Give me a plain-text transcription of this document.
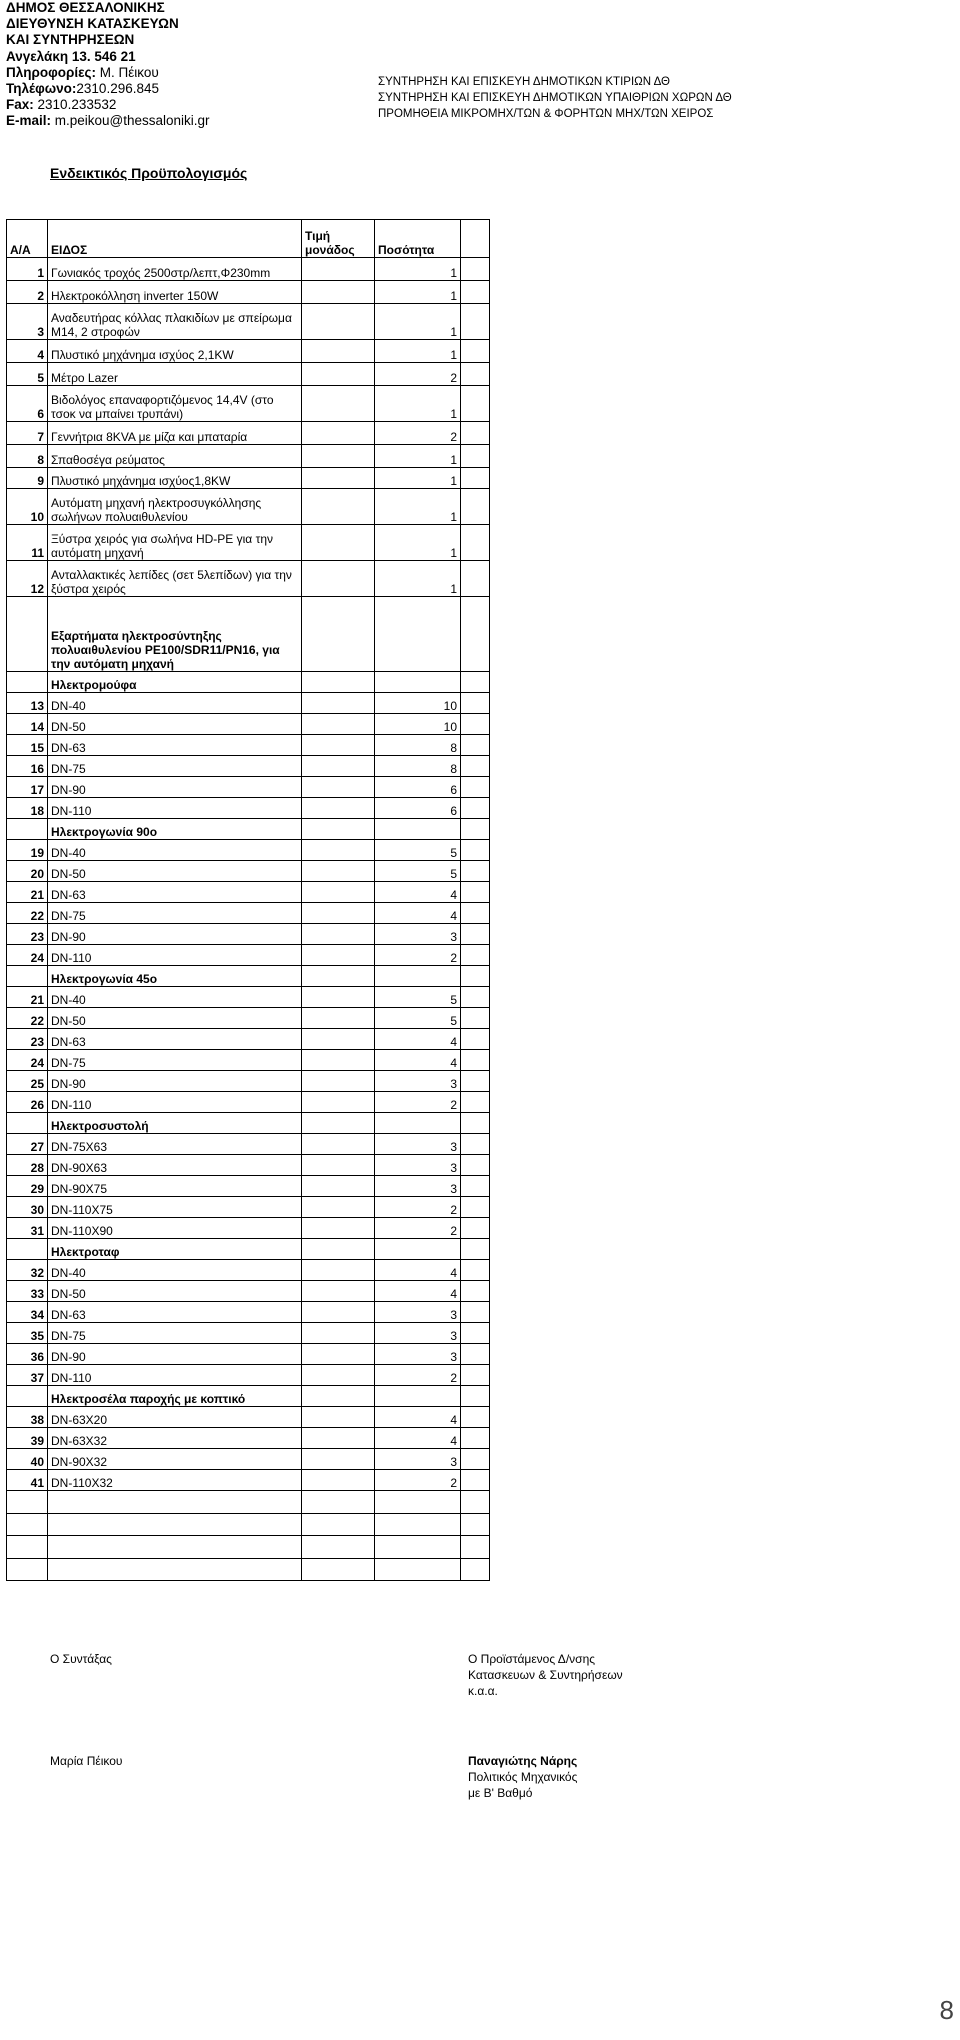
ΔΗΜΟΣ ΘΕΣΣΑΛΟΝΙΚΗΣ
ΔΙΕΥΘΥΝΣΗ ΚΑΤΑΣΚΕΥΩΝ
ΚΑΙ ΣΥΝΤΗΡΗΣΕΩΝ
Ανγελάκη 13. 546 21
Πληροφορίες: Μ. Πέικου
Τηλέφωνο:2310.296.845
Fax: 2310.233532
E-mail: m.peikou@thessaloniki.gr
ΣΥΝΤΗΡΗΣΗ ΚΑΙ ΕΠΙΣΚΕΥΗ ΔΗΜΟΤΙΚΩΝ ΚΤΙΡΙΩΝ ΔΘ
ΣΥΝΤΗΡΗΣΗ ΚΑΙ ΕΠΙΣΚΕΥΗ ΔΗΜΟΤΙΚΩΝ ΥΠΑΙΘΡΙΩΝ ΧΩΡΩΝ ΔΘ
ΠΡΟΜΗΘΕΙΑ ΜΙΚΡΟΜΗΧ/ΤΩΝ & ΦΟΡΗΤΩΝ ΜΗΧ/ΤΩΝ ΧΕΙΡΟΣ
Ενδεικτικός Προϋπολογισμός
Α/Α	ΕΙΔΟΣ	Τιμή μονάδος	Ποσότητα	
1	Γωνιακός τροχός 2500στρ/λεπτ,Φ230mm		1	
2	Ηλεκτροκόλληση inverter 150W		1	
3	Αναδευτήρας κόλλας πλακιδίων με σπείρωμα Μ14, 2 στροφών		1	
4	Πλυστικό μηχάνημα ισχύος 2,1KW		1	
5	Μέτρο Lazer		2	
6	Βιδολόγος επαναφορτιζόμενος 14,4V (στο τσοκ να μπαίνει τρυπάνι)		1	
7	Γεννήτρια 8KVA με μίζα και μπαταρία		2	
8	Σπαθοσέγα ρεύματος		1	
9	Πλυστικό μηχάνημα ισχύος1,8KW		1	
10	Αυτόματη μηχανή ηλεκτροσυγκόλλησης σωλήνων πολυαιθυλενίου		1	
11	Ξύστρα χειρός για σωλήνα HD-PE για την αυτόματη μηχανή		1	
12	Ανταλλακτικές λεπίδες (σετ 5λεπίδων) για την ξύστρα χειρός		1	
	Εξαρτήματα ηλεκτροσύντηξης πολυαιθυλενίου PE100/SDR11/PN16, για την αυτόματη μηχανή			
	Ηλεκτρομούφα			
13	DN-40		10	
14	DN-50		10	
15	DN-63		8	
16	DN-75		8	
17	DN-90		6	
18	DN-110		6	
	Ηλεκτρογωνία 90ο			
19	DN-40		5	
20	DN-50		5	
21	DN-63		4	
22	DN-75		4	
23	DN-90		3	
24	DN-110		2	
	Ηλεκτρογωνία 45ο			
21	DN-40		5	
22	DN-50		5	
23	DN-63		4	
24	DN-75		4	
25	DN-90		3	
26	DN-110		2	
	Ηλεκτροσυστολή			
27	DN-75X63		3	
28	DN-90X63		3	
29	DN-90X75		3	
30	DN-110X75		2	
31	DN-110X90		2	
	Ηλεκτροταφ			
32	DN-40		4	
33	DN-50		4	
34	DN-63		3	
35	DN-75		3	
36	DN-90		3	
37	DN-110		2	
	Ηλεκτροσέλα παροχής με κοπτικό			
38	DN-63X20		4	
39	DN-63X32		4	
40	DN-90X32		3	
41	DN-110X32		2	

Ο Συντάξας
Μαρία Πέικου
Ο Προϊστάμενος Δ/νσης
Κατασκευων & Συντηρήσεων
κ.α.α.
Παναγιώτης Νάρης
Πολιτικός Μηχανικός
με Β' Βαθμό
8
